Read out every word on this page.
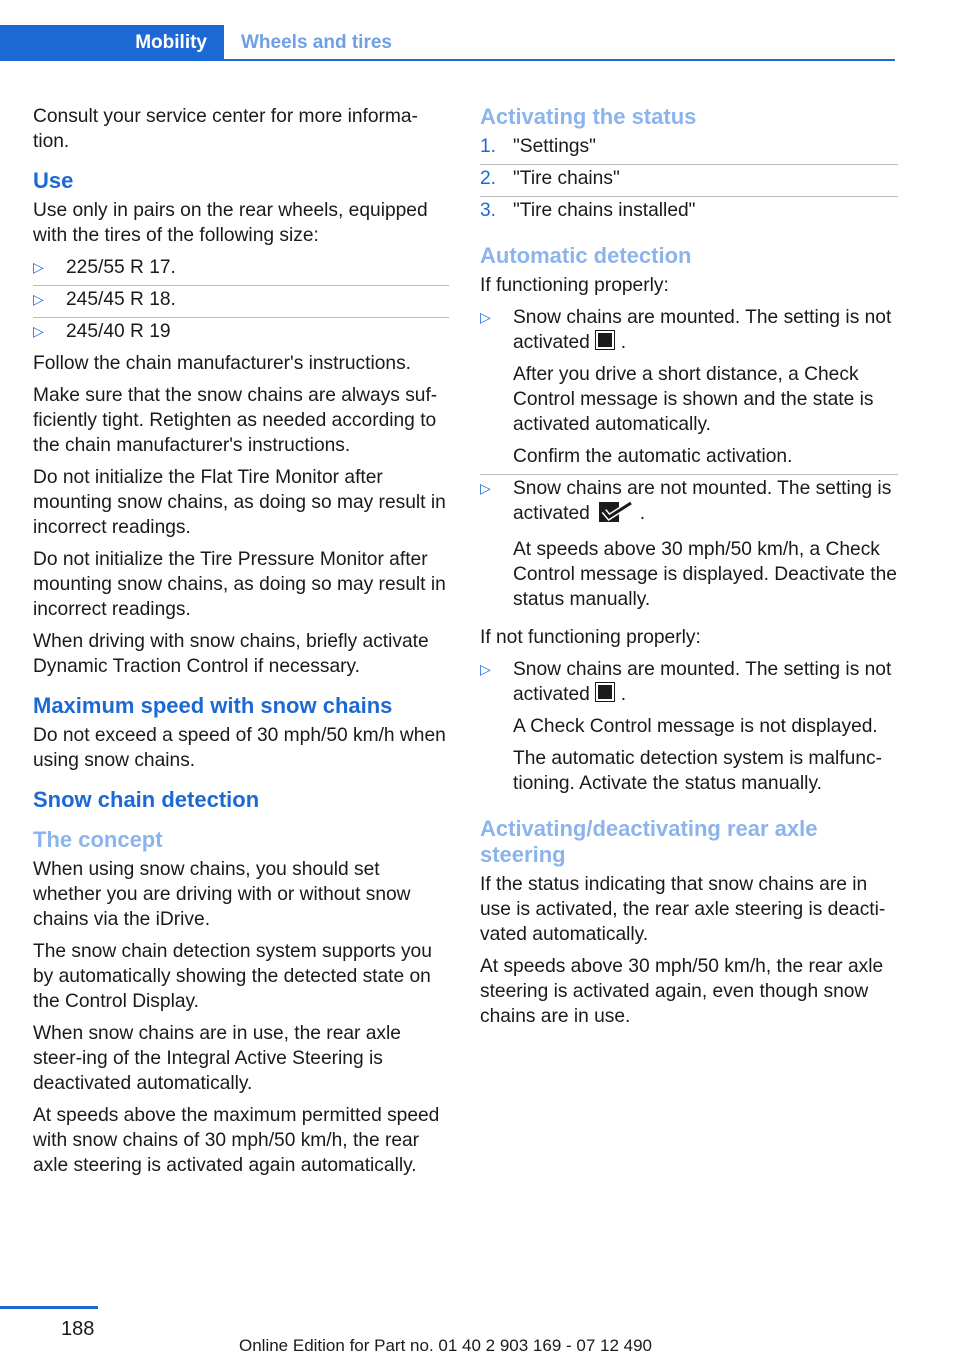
Mobility	Wheels and tires

Consult your service center for more informa-
tion.

Use

Use only in pairs on the rear wheels, equipped with the tires of the following size:

▷ 225/55 R 17.
▷ 245/45 R 18.
▷ 245/40 R 19

Follow the chain manufacturer's instructions.

Make sure that the snow chains are always suf-ficiently tight. Retighten as needed according to the chain manufacturer's instructions.

Do not initialize the Flat Tire Monitor after mounting snow chains, as doing so may result in incorrect readings.

Do not initialize the Tire Pressure Monitor after mounting snow chains, as doing so may result in incorrect readings.

When driving with snow chains, briefly activate Dynamic Traction Control if necessary.

Maximum speed with snow chains

Do not exceed a speed of 30 mph/50 km/h when using snow chains.

Snow chain detection
The concept

When using snow chains, you should set whether you are driving with or without snow chains via the iDrive.

The snow chain detection system supports you by automatically showing the detected state on the Control Display.

When snow chains are in use, the rear axle steer-ing of the Integral Active Steering is deactivated automatically.

At speeds above the maximum permitted speed with snow chains of 30 mph/50 km/h, the rear axle steering is activated again automatically.

Activating the status
1. "Settings"
2. "Tire chains"
3. "Tire chains installed"
Automatic detection

If functioning properly:

▷ Snow chains are mounted. The setting is not activated .
After you drive a short distance, a Check Control message is shown and the state is activated automatically.
Confirm the automatic activation.
▷ Snow chains are not mounted. The setting is activated	.
At speeds above 30 mph/50 km/h, a Check Control message is displayed. Deactivate the status manually.

If not functioning properly:

▷ Snow chains are mounted. The setting is not activated .
A Check Control message is not displayed.
The automatic detection system is malfunc-tioning. Activate the status manually.
Activating/deactivating rear axle steering

If the status indicating that snow chains are in use is activated, the rear axle steering is deacti-vated automatically.

At speeds above 30 mph/50 km/h, the rear axle steering is activated again, even though snow chains are in use.

188
Online Edition for Part no. 01 40 2 903 169 - 07 12 490
